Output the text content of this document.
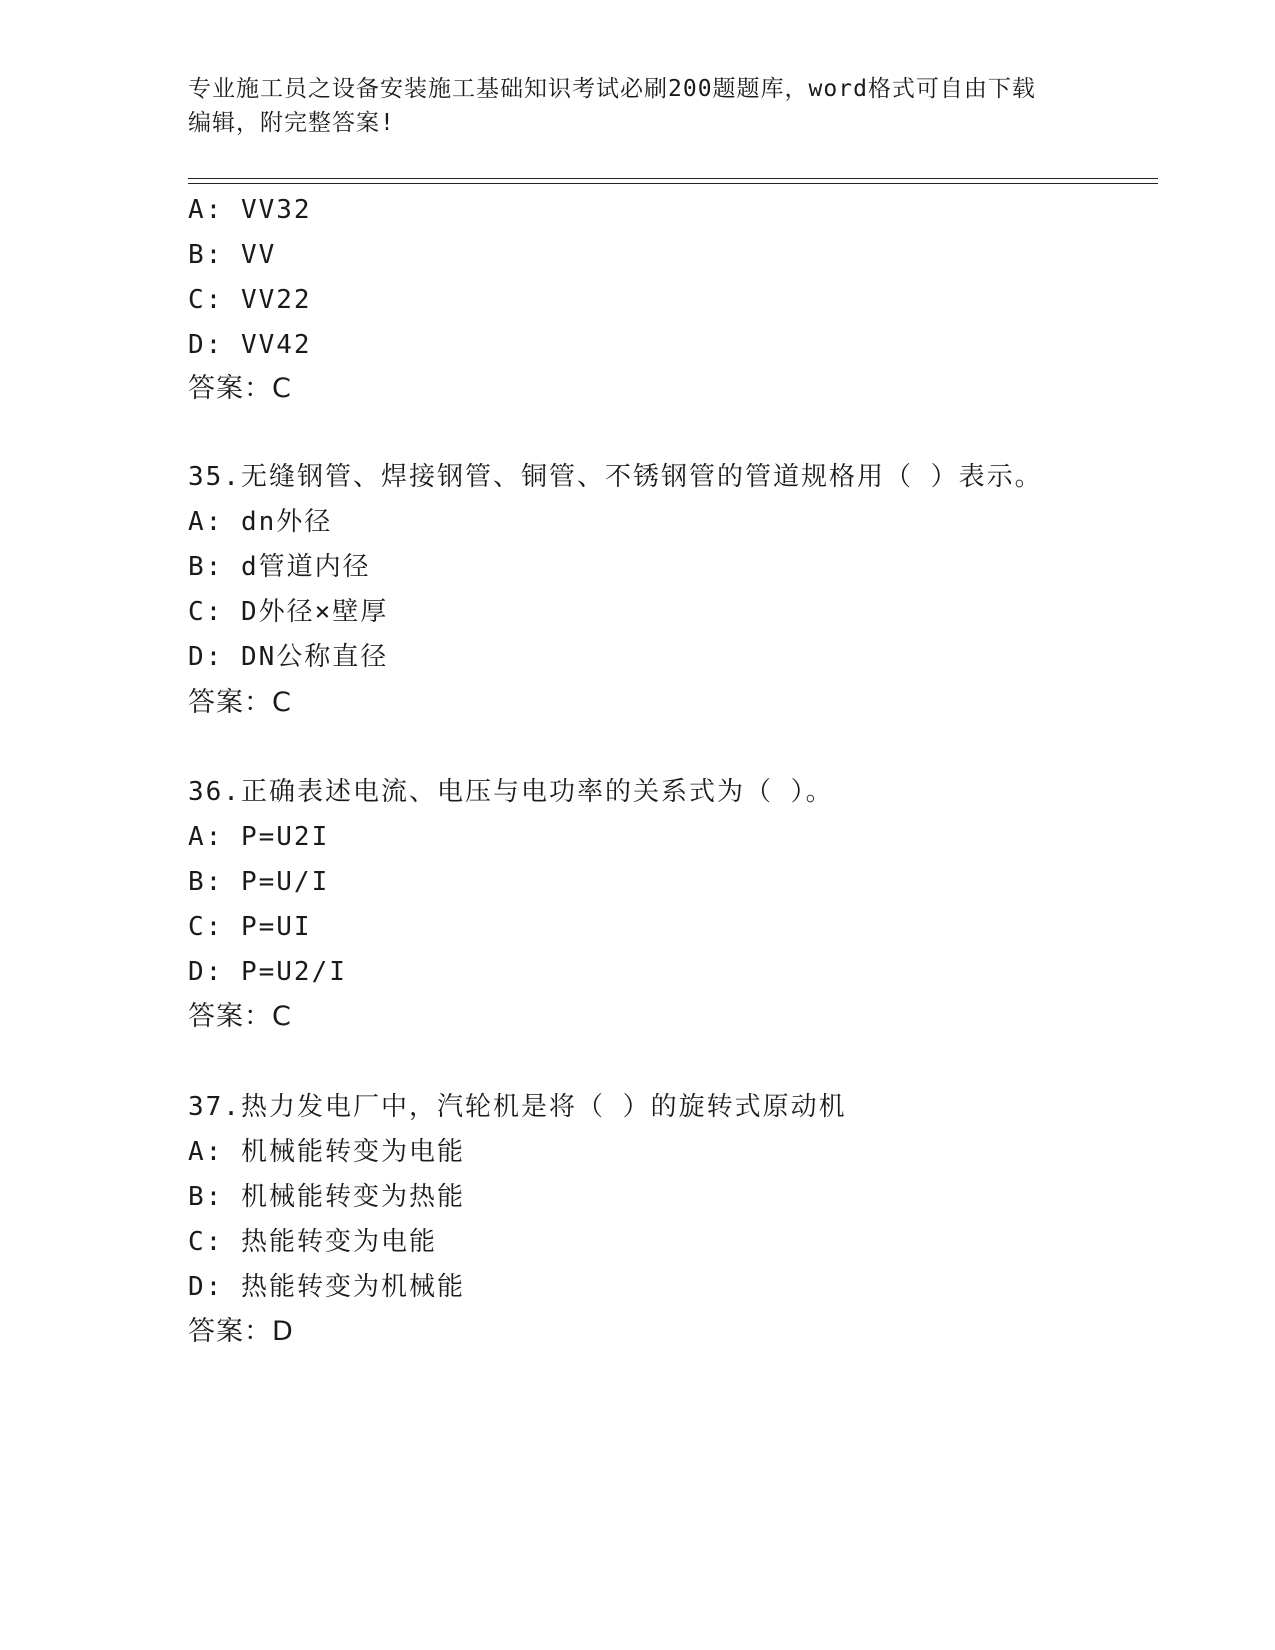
专业施工员之设备安装施工基础知识考试必刷200题题库，word格式可自由下载
编辑，附完整答案!
A: VV32
B: VV
C: VV22
D: VV42
答案：C
35.无缝钢管、焊接钢管、铜管、不锈钢管的管道规格用（ ）表示。
A: dn外径
B: d管道内径
C: D外径×壁厚
D: DN公称直径
答案：C
36.正确表述电流、电压与电功率的关系式为（ ）。
A: P=U2I
B: P=U/I
C: P=UI
D: P=U2/I
答案：C
37.热力发电厂中，汽轮机是将（ ）的旋转式原动机
A: 机械能转变为电能
B: 机械能转变为热能
C: 热能转变为电能
D: 热能转变为机械能
答案：D
